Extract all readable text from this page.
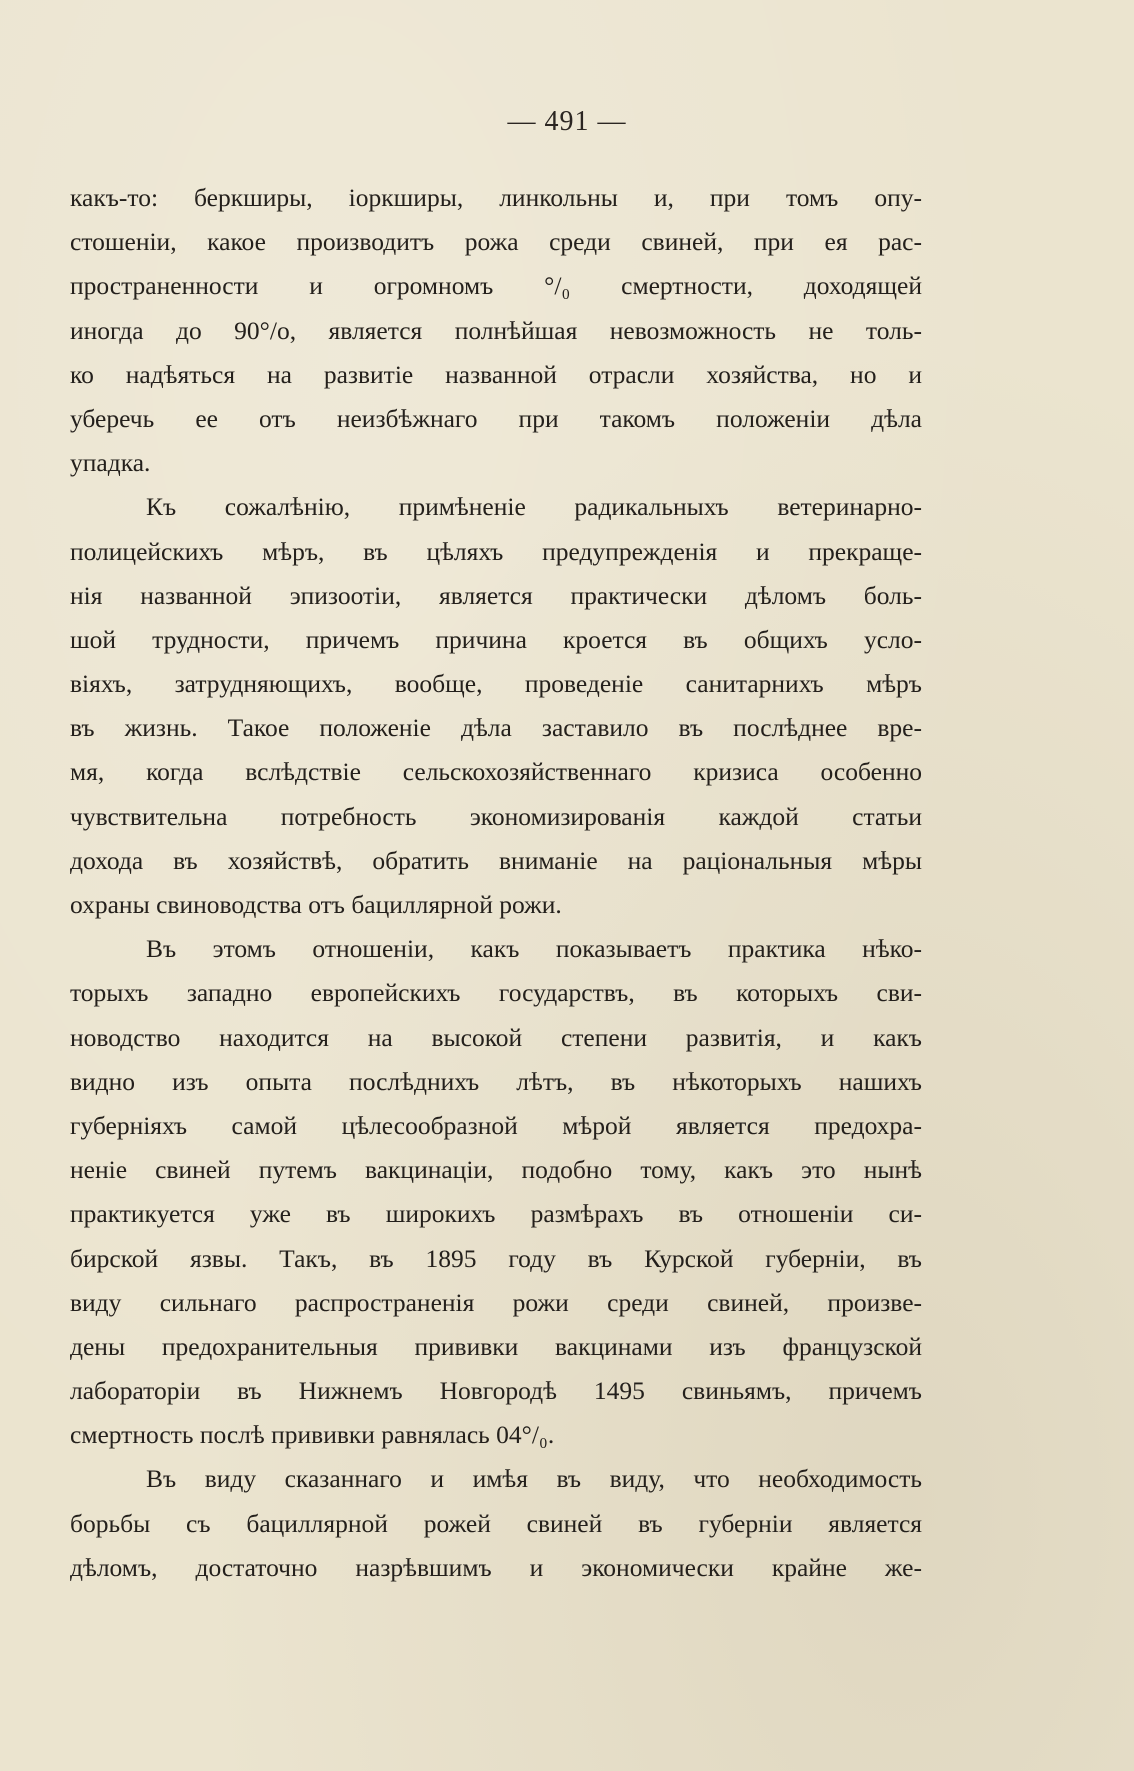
— 491 —
какъ-то: беркширы, іоркширы, линкольны и, при томъ опу-
стошеніи, какое производитъ рожа среди свиней, при ея рас-
пространенности и огромномъ °/₀ смертности, доходящей
иногда до 90°/о, является полнѣйшая невозможность не толь-
ко надѣяться на развитіе названной отрасли хозяйства, но и
уберечь ее отъ неизбѣжнаго при такомъ положеніи дѣла
упадка.
Къ сожалѣнію, примѣненіе радикальныхъ ветеринарно-
полицейскихъ мѣръ, въ цѣляхъ предупрежденія и прекраще-
нія названной эпизоотіи, является практически дѣломъ боль-
шой трудности, причемъ причина кроется въ общихъ усло-
віяхъ, затрудняющихъ, вообще, проведеніе санитарнихъ мѣръ
въ жизнь. Такое положеніе дѣла заставило въ послѣднее вре-
мя, когда вслѣдствіе сельскохозяйственнаго кризиса особенно
чувствительна потребность экономизированія каждой статьи
дохода въ хозяйствѣ, обратить вниманіе на раціональныя мѣры
охраны свиноводства отъ бациллярной рожи.
Въ этомъ отношеніи, какъ показываетъ практика нѣко-
торыхъ западно европейскихъ государствъ, въ которыхъ сви-
новодство находится на высокой степени развитія, и какъ
видно изъ опыта послѣднихъ лѣтъ, въ нѣкоторыхъ нашихъ
губерніяхъ самой цѣлесообразной мѣрой является предохра-
неніе свиней путемъ вакцинаціи, подобно тому, какъ это нынѣ
практикуется уже въ широкихъ размѣрахъ въ отношеніи си-
бирской язвы. Такъ, въ 1895 году въ Курской губерніи, въ
виду сильнаго распространенія рожи среди свиней, произве-
дены предохранительныя прививки вакцинами изъ французской
лабораторіи въ Нижнемъ Новгородѣ 1495 свиньямъ, причемъ
смертность послѣ прививки равнялась 04°/₀.
Въ виду сказаннаго и имѣя въ виду, что необходимость
борьбы съ бациллярной рожей свиней въ губерніи является
дѣломъ, достаточно назрѣвшимъ и экономически крайне же-
